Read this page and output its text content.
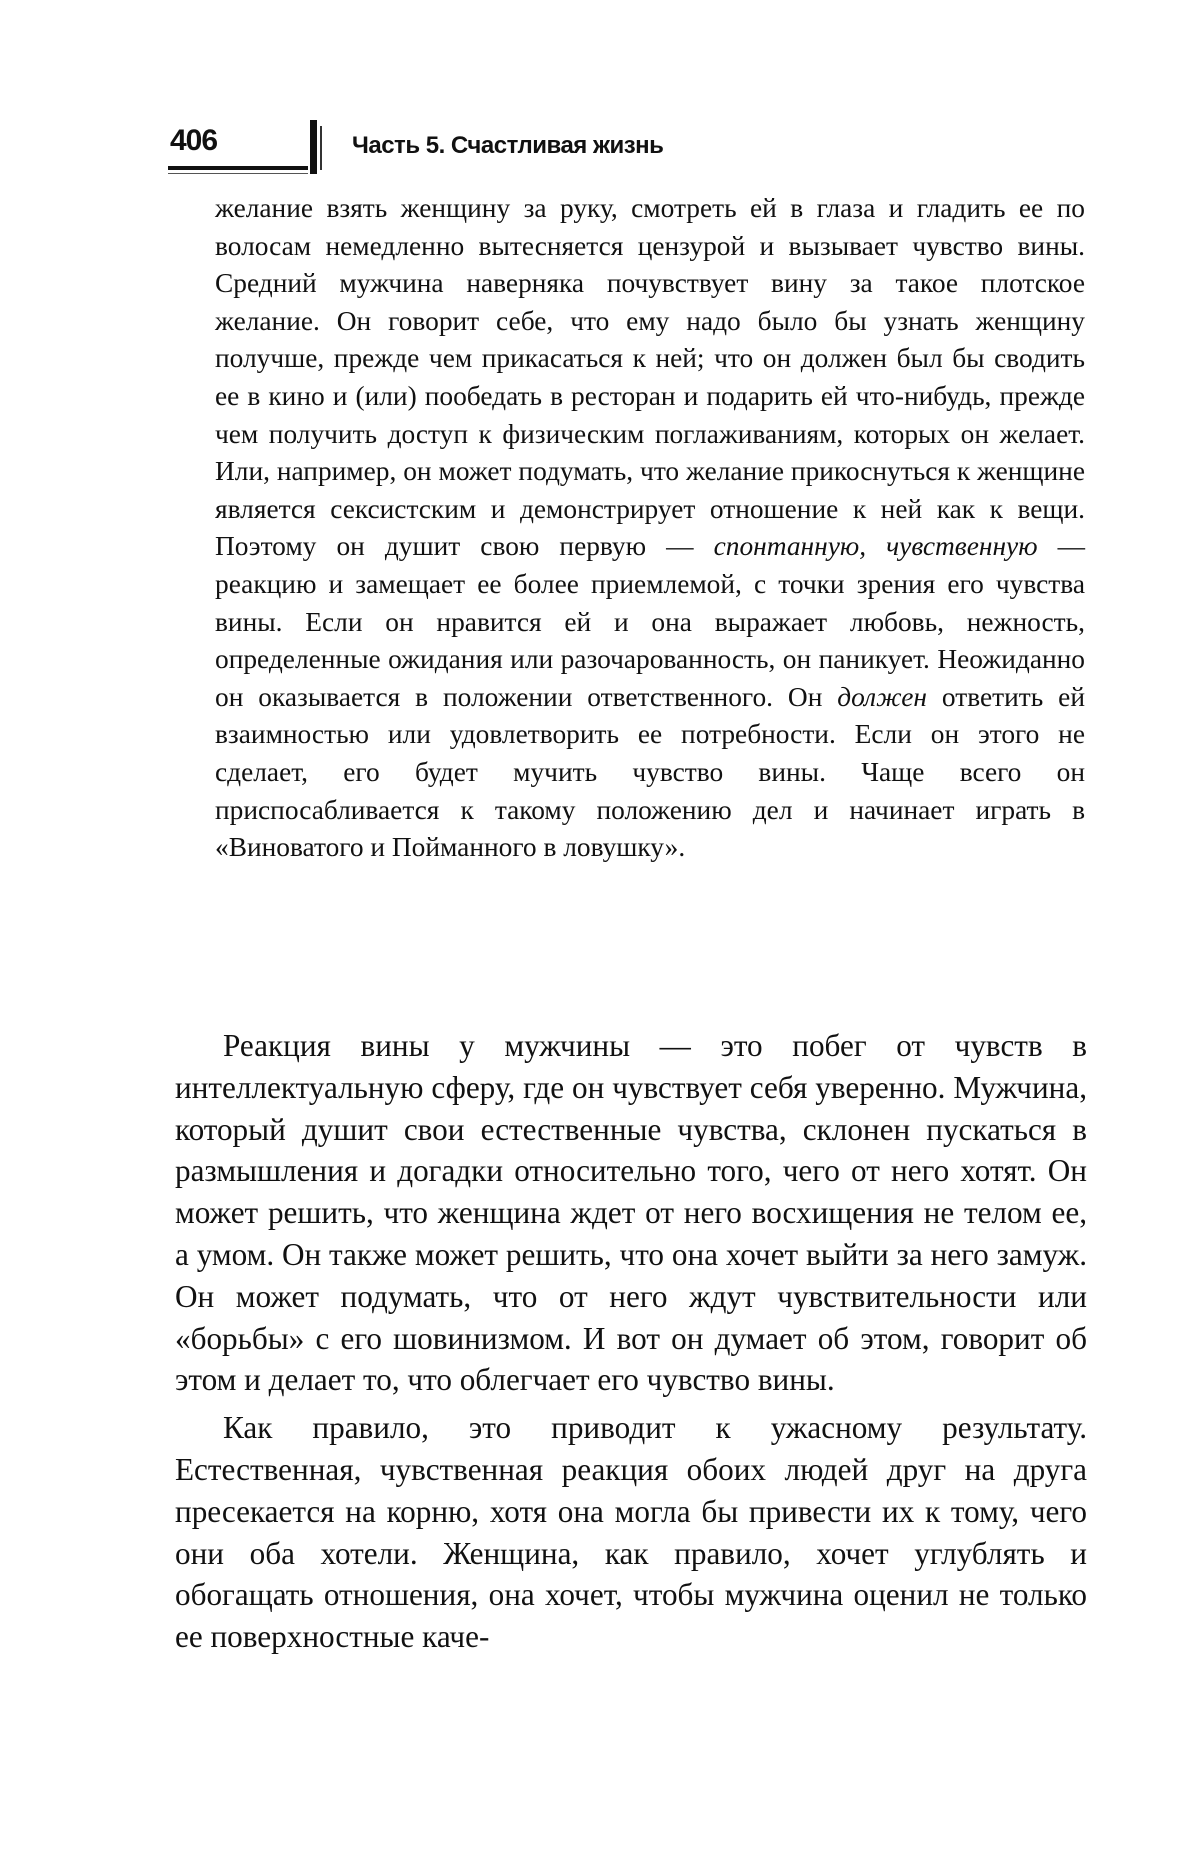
406	Часть 5. Счастливая жизнь

желание взять женщину за руку, смотреть ей в глаза и гладить ее по волосам немедленно вытесняется цензурой и вызывает чувство вины. Средний мужчина наверняка почувствует вину за такое плотское желание. Он говорит себе, что ему надо было бы узнать женщину получше, прежде чем прикасаться к ней; что он должен был бы сводить ее в кино и (или) пообедать в ресторан и подарить ей что-нибудь, прежде чем получить доступ к физическим поглаживаниям, которых он желает. Или, например, он может подумать, что желание прикоснуться к женщине является сексистским и демонстрирует отношение к ней как к вещи. Поэтому он душит свою первую — спонтанную, чувственную — реакцию и замещает ее более приемлемой, с точки зрения его чувства вины. Если он нравится ей и она выражает любовь, нежность, определенные ожидания или разочарованность, он паникует. Неожиданно он оказывается в положении ответственного. Он должен ответить ей взаимностью или удовлетворить ее потребности. Если он этого не сделает, его будет мучить чувство вины. Чаще всего он приспосабливается к такому положению дел и начинает играть в «Виноватого и Пойманного в ловушку».

Реакция вины у мужчины — это побег от чувств в интеллектуальную сферу, где он чувствует себя уверенно. Мужчина, который душит свои естественные чувства, склонен пускаться в размышления и догадки относительно того, чего от него хотят. Он может решить, что женщина ждет от него восхищения не телом ее, а умом. Он также может решить, что она хочет выйти за него замуж. Он может подумать, что от него ждут чувствительности или «борьбы» с его шовинизмом. И вот он думает об этом, говорит об этом и делает то, что облегчает его чувство вины.

Как правило, это приводит к ужасному результату. Естественная, чувственная реакция обоих людей друг на друга пресекается на корню, хотя она могла бы привести их к тому, чего они оба хотели. Женщина, как правило, хочет углублять и обогащать отношения, она хочет, чтобы мужчина оценил не только ее поверхностные каче-
